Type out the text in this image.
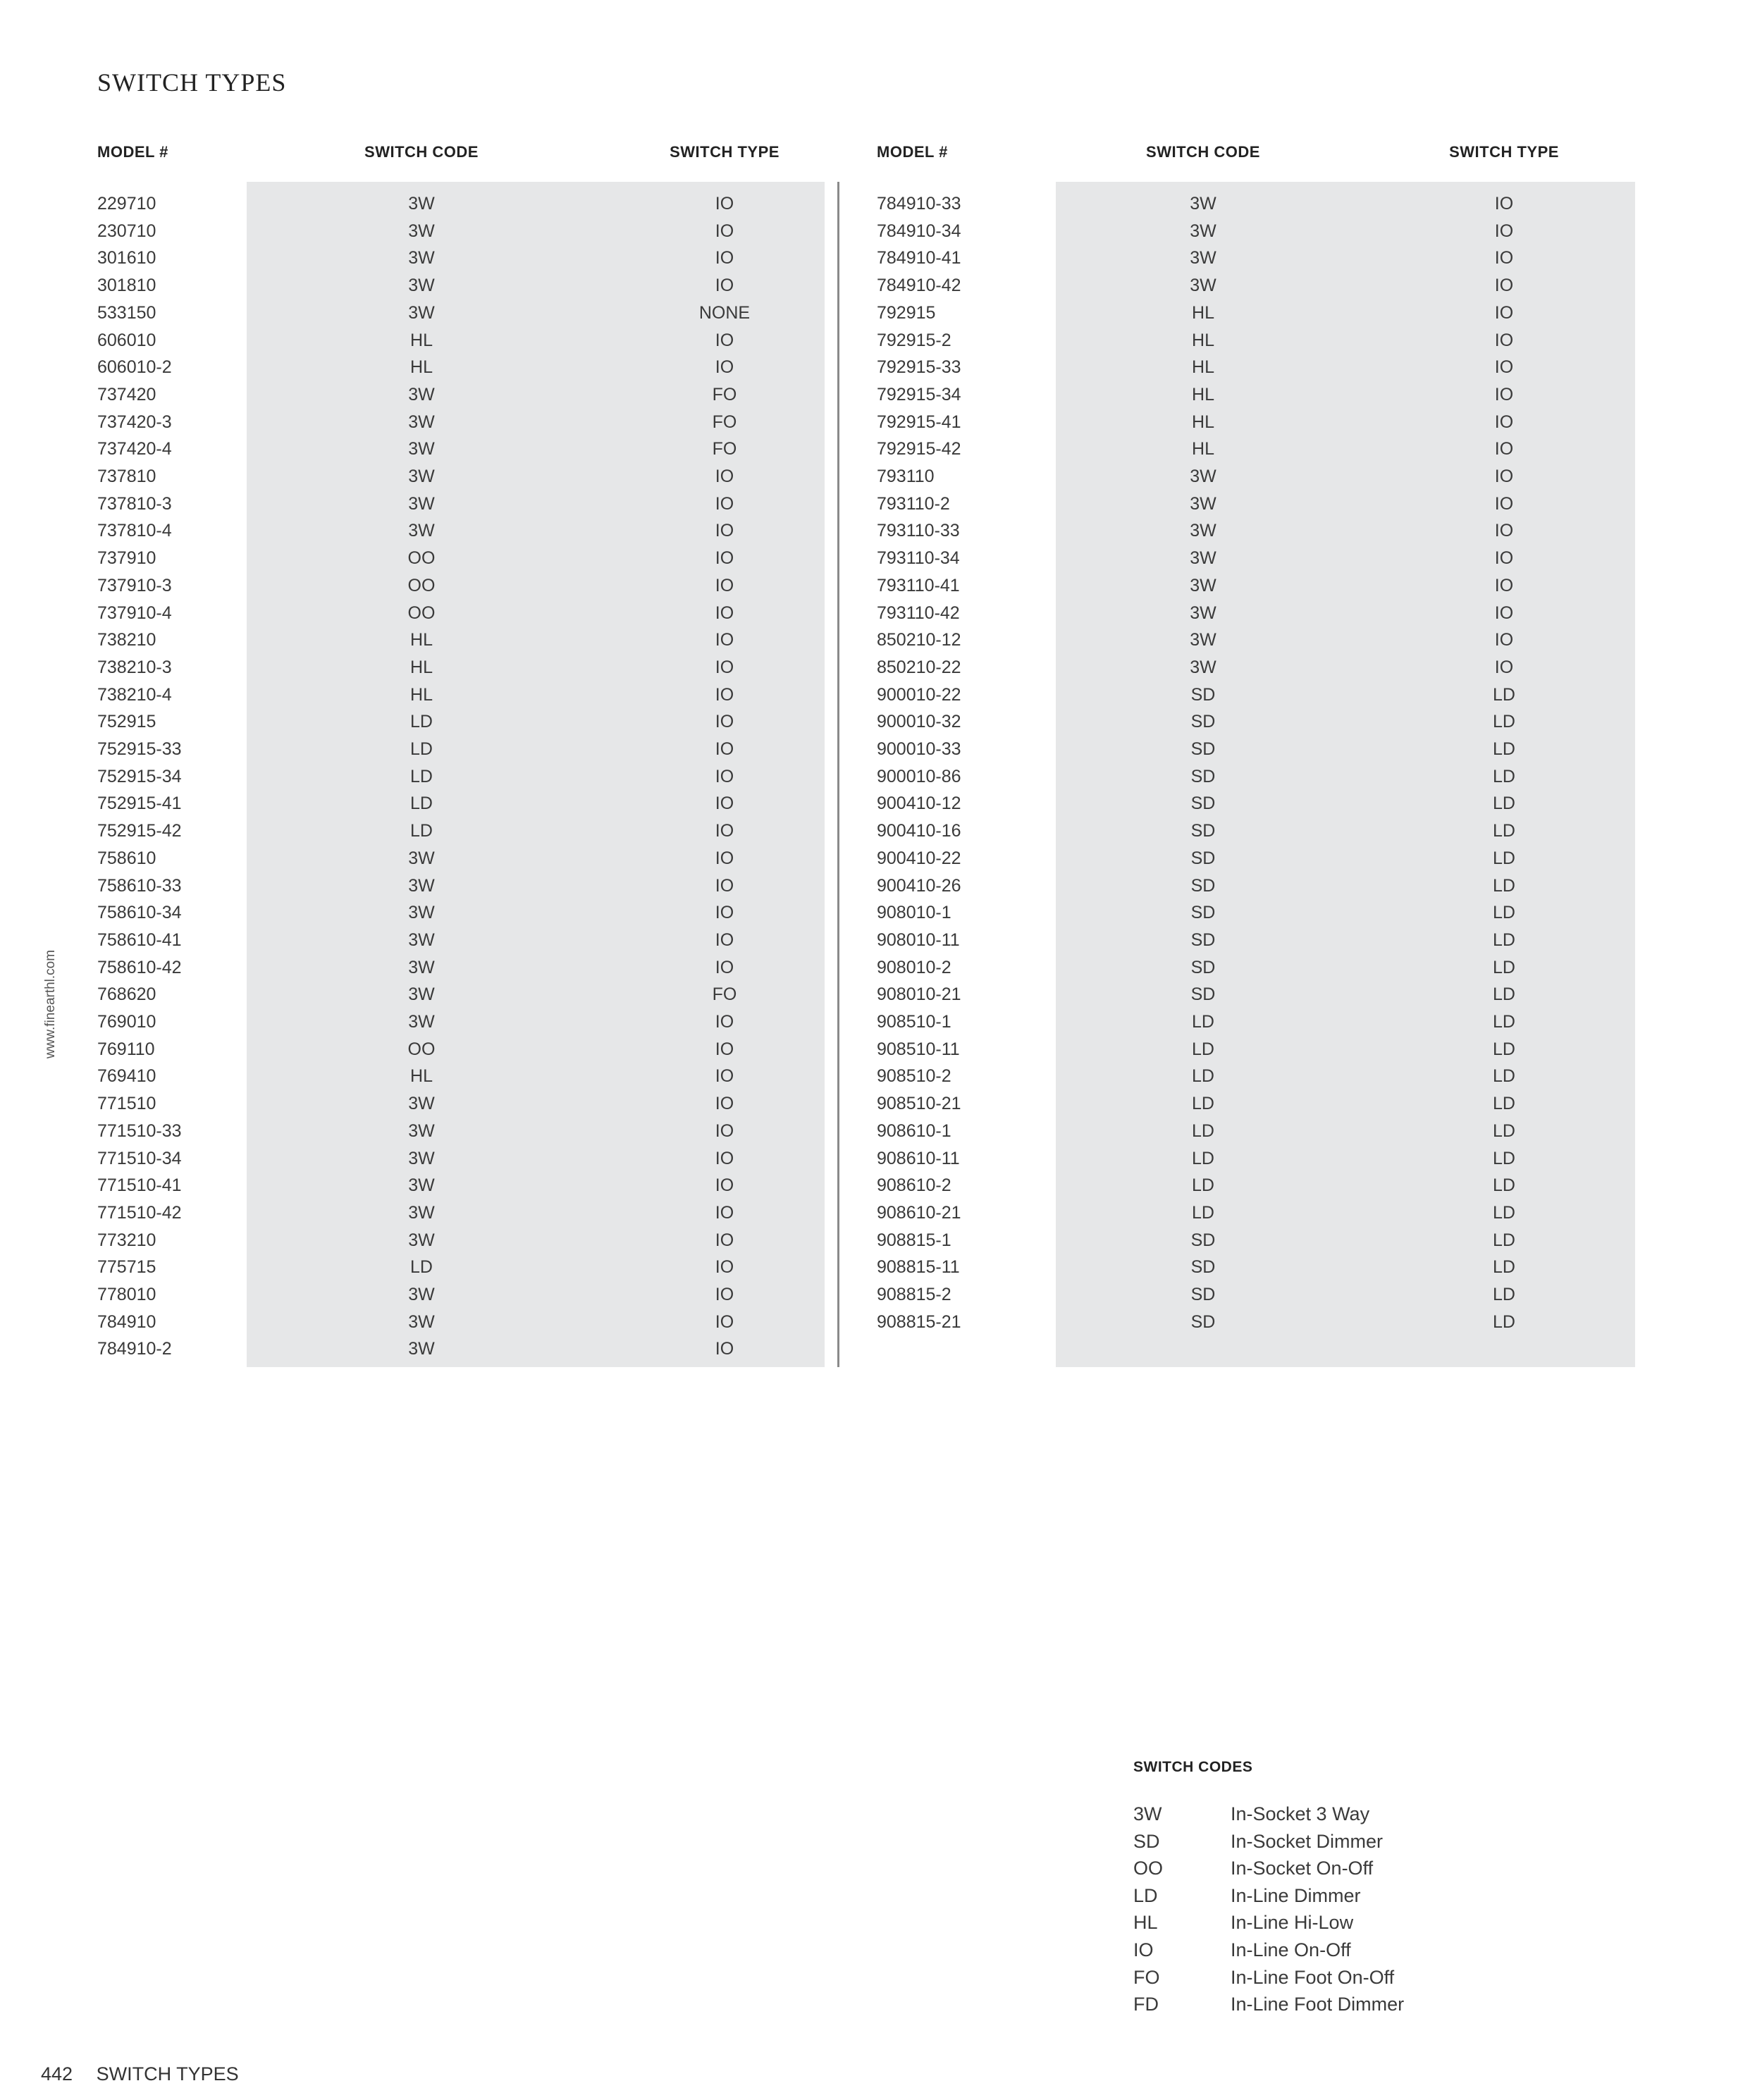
SWITCH TYPES
MODEL #	SWITCH CODE	SWITCH TYPE	MODEL #	SWITCH CODE	SWITCH TYPE
229710	3W	IO
230710	3W	IO
301610	3W	IO
301810	3W	IO
533150	3W	NONE
606010	HL	IO
606010-2	HL	IO
737420	3W	FO
737420-3	3W	FO
737420-4	3W	FO
737810	3W	IO
737810-3	3W	IO
737810-4	3W	IO
737910	OO	IO
737910-3	OO	IO
737910-4	OO	IO
738210	HL	IO
738210-3	HL	IO
738210-4	HL	IO
752915	LD	IO
752915-33	LD	IO
752915-34	LD	IO
752915-41	LD	IO
752915-42	LD	IO
758610	3W	IO
758610-33	3W	IO
758610-34	3W	IO
758610-41	3W	IO
758610-42	3W	IO
768620	3W	FO
769010	3W	IO
769110	OO	IO
769410	HL	IO
771510	3W	IO
771510-33	3W	IO
771510-34	3W	IO
771510-41	3W	IO
771510-42	3W	IO
773210	3W	IO
775715	LD	IO
778010	3W	IO
784910	3W	IO
784910-2	3W	IO
784910-33	3W	IO
784910-34	3W	IO
784910-41	3W	IO
784910-42	3W	IO
792915	HL	IO
792915-2	HL	IO
792915-33	HL	IO
792915-34	HL	IO
792915-41	HL	IO
792915-42	HL	IO
793110	3W	IO
793110-2	3W	IO
793110-33	3W	IO
793110-34	3W	IO
793110-41	3W	IO
793110-42	3W	IO
850210-12	3W	IO
850210-22	3W	IO
900010-22	SD	LD
900010-32	SD	LD
900010-33	SD	LD
900010-86	SD	LD
900410-12	SD	LD
900410-16	SD	LD
900410-22	SD	LD
900410-26	SD	LD
908010-1	SD	LD
908010-11	SD	LD
908010-2	SD	LD
908010-21	SD	LD
908510-1	LD	LD
908510-11	LD	LD
908510-2	LD	LD
908510-21	LD	LD
908610-1	LD	LD
908610-11	LD	LD
908610-2	LD	LD
908610-21	LD	LD
908815-1	SD	LD
908815-11	SD	LD
908815-2	SD	LD
908815-21	SD	LD
www.finearthl.com
SWITCH CODES
3W	In-Socket 3 Way
SD	In-Socket Dimmer
OO	In-Socket On-Off
LD	In-Line Dimmer
HL	In-Line Hi-Low
IO	In-Line On-Off
FO	In-Line Foot On-Off
FD	In-Line Foot Dimmer
442 SWITCH TYPES
